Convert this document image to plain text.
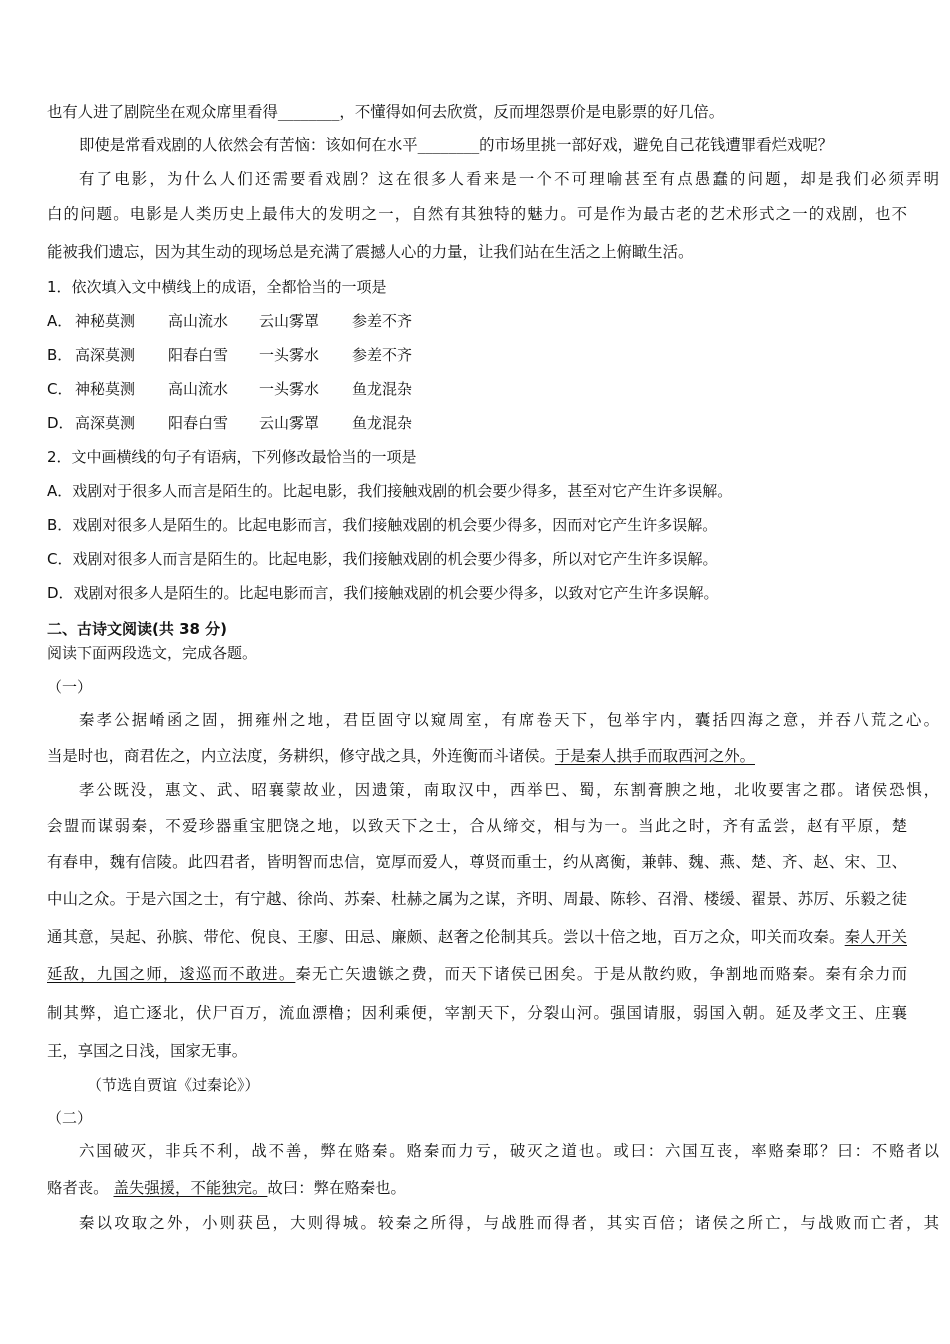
也有人进了剧院坐在观众席里看得________，不懂得如何去欣赏，反而埋怨票价是电影票的好几倍。
即使是常看戏剧的人依然会有苦恼：该如何在水平________的市场里挑一部好戏，避免自己花钱遭罪看烂戏呢？
有了电影，为什么人们还需要看戏剧？这在很多人看来是一个不可理喻甚至有点愚蠢的问题，却是我们必须弄明
白的问题。电影是人类历史上最伟大的发明之一，自然有其独特的魅力。可是作为最古老的艺术形式之一的戏剧，也不
能被我们遗忘，因为其生动的现场总是充满了震撼人心的力量，让我们站在生活之上俯瞰生活。
1．依次填入文中横线上的成语，全都恰当的一项是
A． 神秘莫测 高山流水 云山雾罩 参差不齐
B． 高深莫测 阳春白雪 一头雾水 参差不齐
C． 神秘莫测 高山流水 一头雾水 鱼龙混杂
D．高深莫测 阳春白雪 云山雾罩 鱼龙混杂
2．文中画横线的句子有语病，下列修改最恰当的一项是
A．戏剧对于很多人而言是陌生的。比起电影，我们接触戏剧的机会要少得多，甚至对它产生许多误解。
B．戏剧对很多人是陌生的。比起电影而言，我们接触戏剧的机会要少得多，因而对它产生许多误解。
C．戏剧对很多人而言是陌生的。比起电影，我们接触戏剧的机会要少得多，所以对它产生许多误解。
D．戏剧对很多人是陌生的。比起电影而言，我们接触戏剧的机会要少得多，以致对它产生许多误解。
二、古诗文阅读(共 38 分)
阅读下面两段选文，完成各题。
（一）
秦孝公据崤函之固，拥雍州之地，君臣固守以窥周室，有席卷天下，包举宇内，囊括四海之意，并吞八荒之心。
当是时也，商君佐之，内立法度，务耕织，修守战之具，外连衡而斗诸侯。于是秦人拱手而取西河之外。
孝公既没，惠文、武、昭襄蒙故业，因遗策，南取汉中，西举巴、蜀，东割膏腴之地，北收要害之郡。诸侯恐惧，
会盟而谋弱秦，不爱珍器重宝肥饶之地，以致天下之士，合从缔交，相与为一。当此之时，齐有孟尝，赵有平原，楚
有春申，魏有信陵。此四君者，皆明智而忠信，宽厚而爱人，尊贤而重士，约从离衡，兼韩、魏、燕、楚、齐、赵、宋、卫、
中山之众。于是六国之士，有宁越、徐尚、苏秦、杜赫之属为之谋，齐明、周最、陈轸、召滑、楼缓、翟景、苏厉、乐毅之徒
通其意，吴起、孙膑、带佗、倪良、王廖、田忌、廉颇、赵奢之伦制其兵。尝以十倍之地，百万之众，叩关而攻秦。秦人开关
延敌，九国之师，逡巡而不敢进。秦无亡矢遗镞之费，而天下诸侯已困矣。于是从散约败，争割地而赂秦。秦有余力而
制其弊，追亡逐北，伏尸百万，流血漂橹；因利乘便，宰割天下，分裂山河。强国请服，弱国入朝。延及孝文王、庄襄
王，享国之日浅，国家无事。
（节选自贾谊《过秦论》）
（二）
六国破灭，非兵不利，战不善，弊在赂秦。赂秦而力亏，破灭之道也。或曰：六国互丧，率赂秦耶？曰：不赂者以
赂者丧。 盖失强援，不能独完。故曰：弊在赂秦也。
秦以攻取之外，小则获邑，大则得城。较秦之所得，与战胜而得者，其实百倍；诸侯之所亡，与战败而亡者，其
